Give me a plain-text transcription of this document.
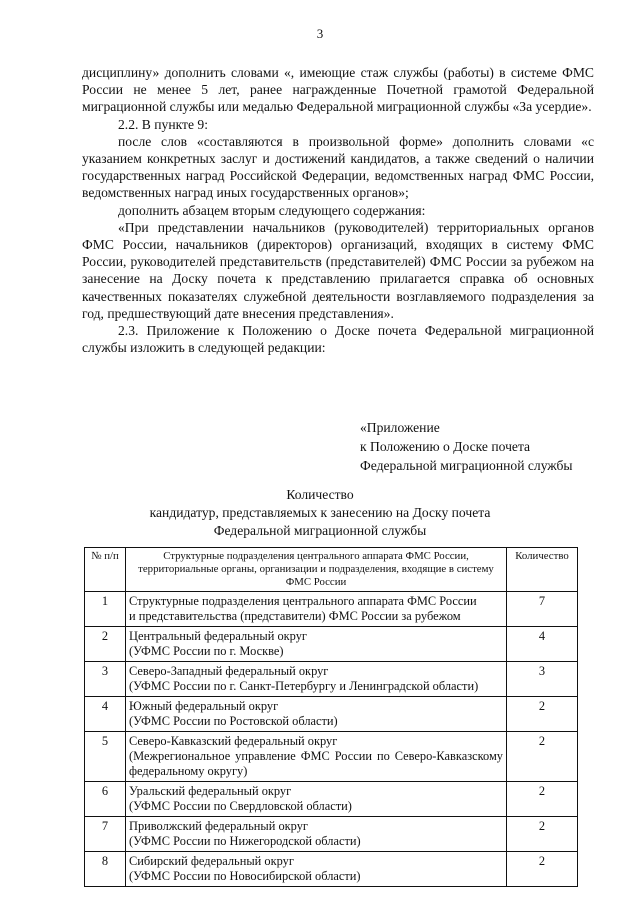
3

дисциплину» дополнить словами «, имеющие стаж службы (работы) в системе ФМС России не менее 5 лет, ранее награжденные Почетной грамотой Федеральной миграционной службы или медалью Федеральной миграционной службы «За усердие».

2.2. В пункте 9:

после слов «составляются в произвольной форме» дополнить словами «с указанием конкретных заслуг и достижений кандидатов, а также сведений о наличии государственных наград Российской Федерации, ведомственных наград ФМС России, ведомственных наград иных государственных органов»;

дополнить абзацем вторым следующего содержания:

«При представлении начальников (руководителей) территориальных органов ФМС России, начальников (директоров) организаций, входящих в систему ФМС России, руководителей представительств (представителей) ФМС России за рубежом на занесение на Доску почета к представлению прилагается справка об основных качественных показателях служебной деятельности возглавляемого подразделения за год, предшествующий дате внесения представления».

2.3. Приложение к Положению о Доске почета Федеральной миграционной службы изложить в следующей редакции:

«Приложение
к Положению о Доске почета
Федеральной миграционной службы
Количество
кандидатур, представляемых к занесению на Доску почета
Федеральной миграционной службы
№ п/п	Структурные подразделения центрального аппарата ФМС России, территориальные органы, организации и подразделения, входящие в систему ФМС России	Количество
1	Структурные подразделения центрального аппарата ФМС России
и представительства (представители) ФМС России за рубежом	7
2	Центральный федеральный округ
(УФМС России по г. Москве)	4
3	Северо-Западный федеральный округ
(УФМС России по г. Санкт-Петербургу и Ленинградской области)	3
4	Южный федеральный округ
(УФМС России по Ростовской области)	2
5	Северо-Кавказский федеральный округ
(Межрегиональное управление ФМС России по Северо-Кавказскому федеральному округу)	2
6	Уральский федеральный округ
(УФМС России по Свердловской области)	2
7	Приволжский федеральный округ
(УФМС России по Нижегородской области)	2
8	Сибирский федеральный округ
(УФМС России по Новосибирской области)	2
